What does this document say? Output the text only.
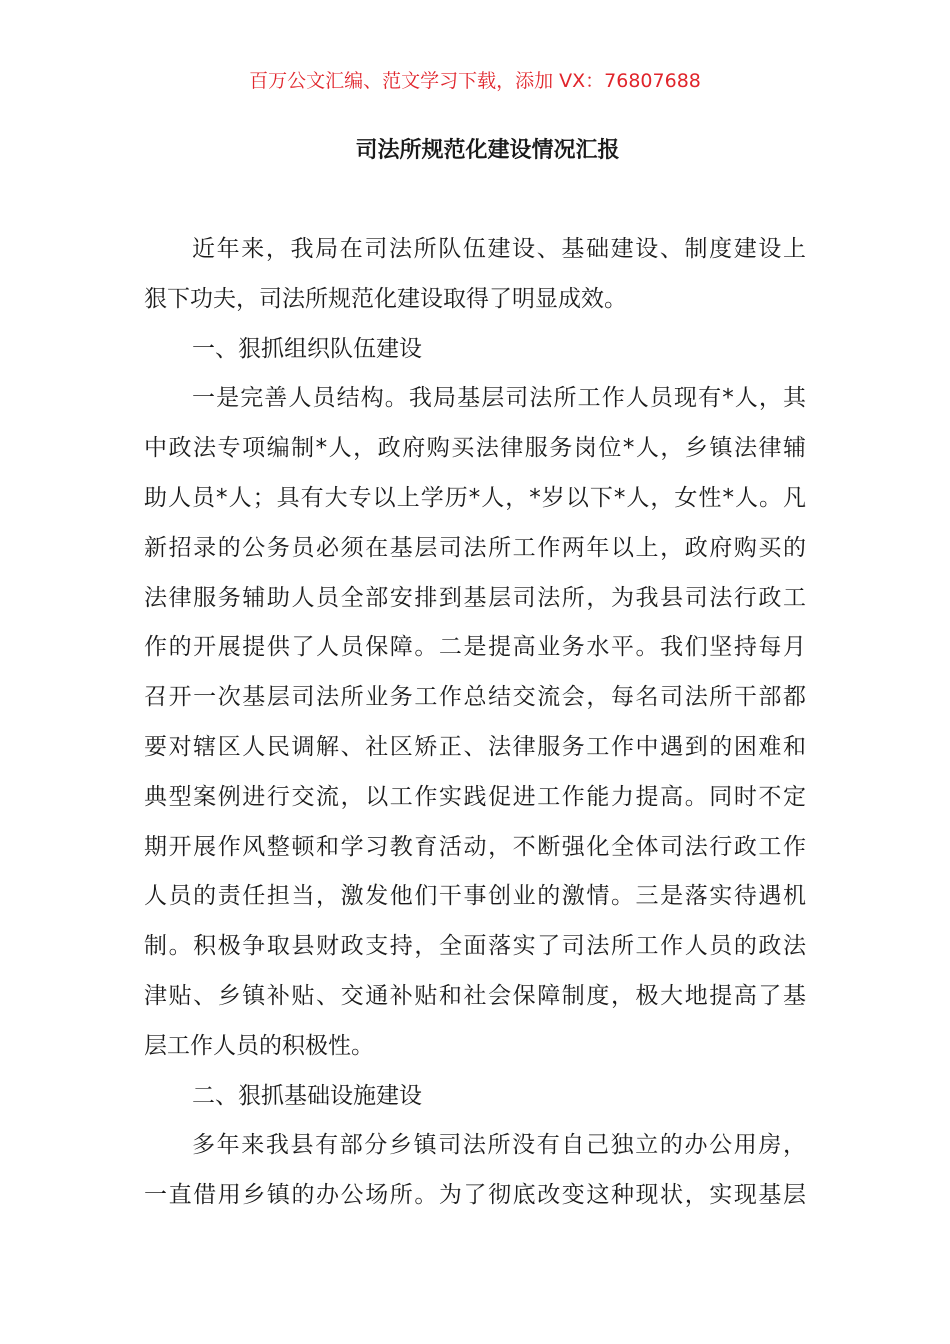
百万公文汇编、范文学习下载，添加 VX：76807688
司法所规范化建设情况汇报
近年来，我局在司法所队伍建设、基础建设、制度建设上
狠下功夫，司法所规范化建设取得了明显成效。
一、狠抓组织队伍建设
一是完善人员结构。我局基层司法所工作人员现有*人，其
中政法专项编制*人，政府购买法律服务岗位*人，乡镇法律辅
助人员*人；具有大专以上学历*人，*岁以下*人，女性*人。凡
新招录的公务员必须在基层司法所工作两年以上，政府购买的
法律服务辅助人员全部安排到基层司法所，为我县司法行政工
作的开展提供了人员保障。二是提高业务水平。我们坚持每月
召开一次基层司法所业务工作总结交流会，每名司法所干部都
要对辖区人民调解、社区矫正、法律服务工作中遇到的困难和
典型案例进行交流，以工作实践促进工作能力提高。同时不定
期开展作风整顿和学习教育活动，不断强化全体司法行政工作
人员的责任担当，激发他们干事创业的激情。三是落实待遇机
制。积极争取县财政支持，全面落实了司法所工作人员的政法
津贴、乡镇补贴、交通补贴和社会保障制度，极大地提高了基
层工作人员的积极性。
二、狠抓基础设施建设
多年来我县有部分乡镇司法所没有自己独立的办公用房，
一直借用乡镇的办公场所。为了彻底改变这种现状，实现基层
